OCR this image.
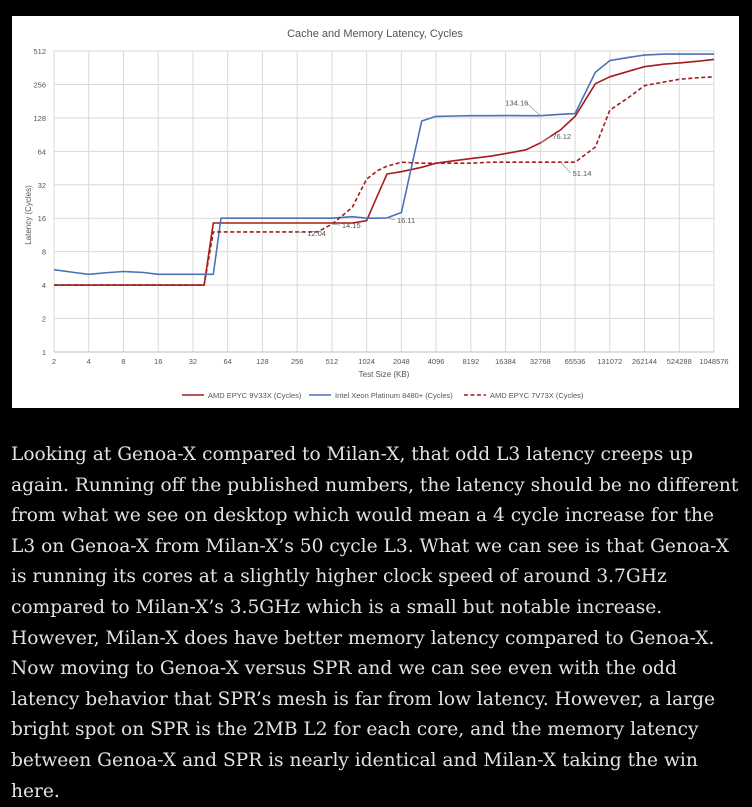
Cache and Memory Latency, Cycles
1
2
4
8
16
32
64
128
256
512
2	4	8	16	32	64	128	256	512	1024 2048 4096 8192 16384 32768 65536 131072 262144 524288 1048576
134.16
76.12
51.14
16.11
14.15
12.04
Test Size (KB)
Latency (Cycles)
AMD EPYC 9V33X (Cycles)	Intel Xeon Platinum 8480+ (Cycles)	AMD EPYC 7V73X (Cycles)

Looking at Genoa-X compared to Milan-X, that odd L3 latency creeps up again. Running off the published numbers, the latency should be no different from what we see on desktop which would mean a 4 cycle increase for the L3 on Genoa-X from Milan-X’s 50 cycle L3. What we can see is that Genoa-X is running its cores at a slightly higher clock speed of around 3.7GHz compared to Milan-X’s 3.5GHz which is a small but notable increase. However, Milan-X does have better memory latency compared to Genoa-X. Now moving to Genoa-X versus SPR and we can see even with the odd latency behavior that SPR’s mesh is far from low latency. However, a large bright spot on SPR is the 2MB L2 for each core, and the memory latency between Genoa-X and SPR is nearly identical and Milan-X taking the win here.
